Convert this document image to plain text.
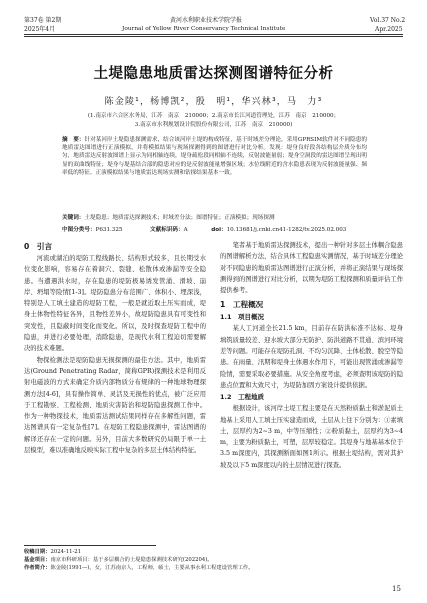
第37卷 第2期	黄河水利职业技术学院学报	Vol.37 No.2
2025年4月	Journal of Yellow River Conservancy Technical Institute	Apr.2025
土堤隐患地质雷达探测图谱特征分析
陈金陵¹，杨博凯²，殷　明¹，华兴林³，马　力³
(1.南京市六合区水务局，江苏　南京　210000；2.南京市长江河道管理处，江苏　南京　210000；
3.南京市水利规划设计院股份有限公司，江苏　南京　210000)
摘　要：针对某河岸土堤隐患探测需求，结合该河岸土堤的构成特征，基于时域差分理论，采用GPRSIM软件对不同隐患的地质雷达图谱进行正演模拟，并将模拟结果与现场探测得到的图谱进行对比分析。发现：堤身良好段各结构层介质分布均匀，地质雷达反射波图谱上显示为同相轴连续，堤身疏松段同相轴不连续，反射波能量弱；堤身空洞段的雷达图谱呈现出明显的双曲线特征；堤身与堤基结合部的隐患对应的是反射波能量增强区域；水位线附近的含水隐患表现为反射波能量强、频率低的特征。正演模拟结果与地质雷达现场实测和钻探结果基本一致。
关键词：土堤隐患；地质雷达探测技术；时域差分法；图谱特征；正演模拟；现场探测
中图分类号：P631.325	文献标识码：A	doi：10.13681/j.cnki.cn41-1282/tv.2025.02.003
0　引言

河流或湖泊的堤防工程线路长、结构形式较多，且长期受水位变化影响，容易存在着洞穴、裂缝、松散体或渗漏等安全隐患。当遭遇洪水时，存在隐患的堤防极易诱发管涌、滑坡、崩岸、坍塌等险情[1-3]。堤防隐患分布范围广、体积小、埋深浅，特别是人工填土建造的堤防工程，一般是就近取土压实而成，堤身土体物性特征各异，且物性差异小，故堤防隐患具有可变性和突发性，且隐蔽时间变化而变化。所以，及时探查堤防工程中的隐患，并进行必要处理，消除隐患，是现代水利工程迫切需要解决的技术难题。

物探检测法是堤防隐患无损探测的最佳方法。其中，地质雷达(Ground Penetrating Radar，简称GPR)探测技术是利用反射电磁波的方式来确定介质内部物质分布规律的一种地球物理探测方法[4-6]，具有操作简单、灵活及无损性的优点，被广泛应用于工程勘察、工程检测、地质灾害防治和堤防隐患探测工作中。作为一种物探技术，地质雷达测试结果同样存在多解性问题，雷达图谱具有一定复杂性[7]。在堤防工程隐患探测中，雷达图谱的解译还存在一定的问题。另外，目前大多数研究仍局限于单一土层模型，难以准确地反映实际工程中复杂的多层土体结构特征。

笔者基于地质雷达探测技术，提出一种针对多层土体耦合隐患的图谱解析方法，结合具体工程隐患实测情况，基于时域差分理论对不同隐患的地质雷达图谱进行正演分析，并将正演结果与现场探测得到的图谱进行对比分析，以期为堤防工程探测和质量评估工作提供参考。

1　工程概况
1.1　项目概况

某人工河道全长21.5 km，目前存在防洪标准不达标、堤身填筑质量较差、迎水坡大部分无防护、防洪道路不贯通、滨河环境差等问题。可能存在堤防孔洞、不均匀沉降、土体松散、脱空等隐患。在雨量、汛期和堤身土体遇水作用下，可能出现管涌或渗漏等险情，需要采取必要措施。从安全角度考虑，必须查明该堤防的隐患点位置和大致尺寸，为堤防加固方案设计提供依据。

1.2　工程地质

根据设计，该河岸土堤工程主要是在天然粉质黏土和淤泥质土地基上采用人工填土压实建造而成，土层从上往下分别为：①素填土，层厚约为2~3 m，中等压缩性；②粉质黏土，层厚约为3~4 m，主要为粉质黏土，可塑，层厚较稳定。其堤身与地基基本位于3.5 m深度内，其探测断面如图1所示。根据土堤结构，需对其护坡及以下5 m深度以内的土层情况进行探查。

收稿日期：2024-11-21
基金项目：南京市科研项目：基于多层耦合的土堤隐患探测技术研究(202204)。
作者简介：陈金陵(1991—)，女，江苏南京人，工程师，硕士，主要从事水利工程建设管理工作。
15
